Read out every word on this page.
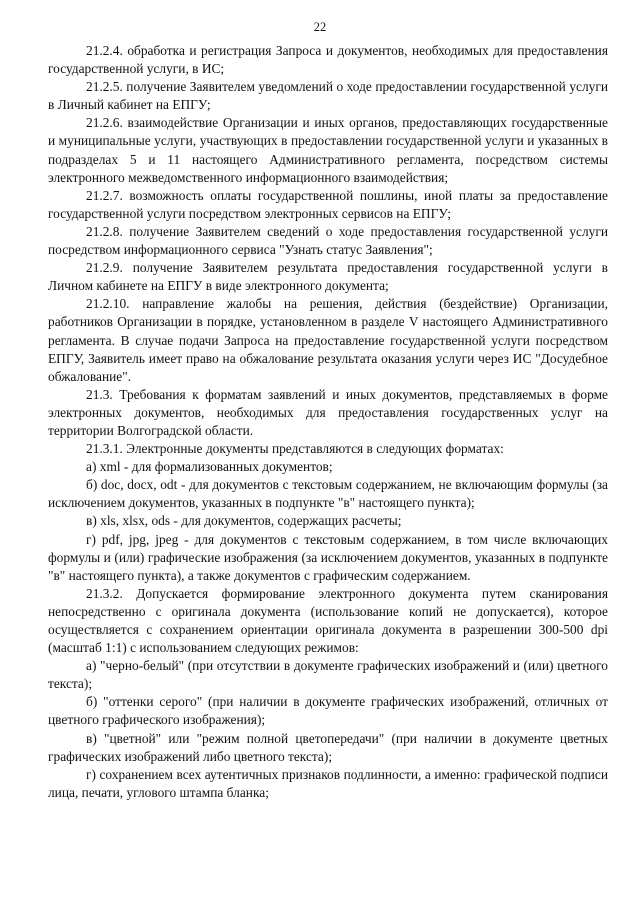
22

21.2.4. обработка и регистрация Запроса и документов, необходимых для предоставления государственной услуги, в ИС;

21.2.5. получение Заявителем уведомлений о ходе предоставлении государственной услуги в Личный кабинет на ЕПГУ;

21.2.6. взаимодействие Организации и иных органов, предоставляющих государственные и муниципальные услуги, участвующих в предоставлении государственной услуги и указанных в подразделах 5 и 11 настоящего Административного регламента, посредством системы электронного межведомственного информационного взаимодействия;

21.2.7. возможность оплаты государственной пошлины, иной платы за предоставление государственной услуги посредством электронных сервисов на ЕПГУ;

21.2.8. получение Заявителем сведений о ходе предоставления государственной услуги посредством информационного сервиса "Узнать статус Заявления";

21.2.9. получение Заявителем результата предоставления государственной услуги в Личном кабинете на ЕПГУ в виде электронного документа;

21.2.10. направление жалобы на решения, действия (бездействие) Организации, работников Организации в порядке, установленном в разделе V настоящего Административного регламента. В случае подачи Запроса на предоставление государственной услуги посредством ЕПГУ, Заявитель имеет право на обжалование результата оказания услуги через ИС "Досудебное обжалование".

21.3. Требования к форматам заявлений и иных документов, представляемых в форме электронных документов, необходимых для предоставления государственных услуг на территории Волгоградской области.

21.3.1. Электронные документы представляются в следующих форматах:

а) xml - для формализованных документов;

б) doc, docx, odt - для документов с текстовым содержанием, не включающим формулы (за исключением документов, указанных в подпункте "в" настоящего пункта);

в) xls, xlsx, ods - для документов, содержащих расчеты;

г) pdf, jpg, jpeg - для документов с текстовым содержанием, в том числе включающих формулы и (или) графические изображения (за исключением документов, указанных в подпункте "в" настоящего пункта), а также документов с графическим содержанием.

21.3.2. Допускается формирование электронного документа путем сканирования непосредственно с оригинала документа (использование копий не допускается), которое осуществляется с сохранением ориентации оригинала документа в разрешении 300-500 dpi (масштаб 1:1) с использованием следующих режимов:

а) "черно-белый" (при отсутствии в документе графических изображений и (или) цветного текста);

б) "оттенки серого" (при наличии в документе графических изображений, отличных от цветного графического изображения);

в) "цветной" или "режим полной цветопередачи" (при наличии в документе цветных графических изображений либо цветного текста);

г) сохранением всех аутентичных признаков подлинности, а именно: графической подписи лица, печати, углового штампа бланка;
